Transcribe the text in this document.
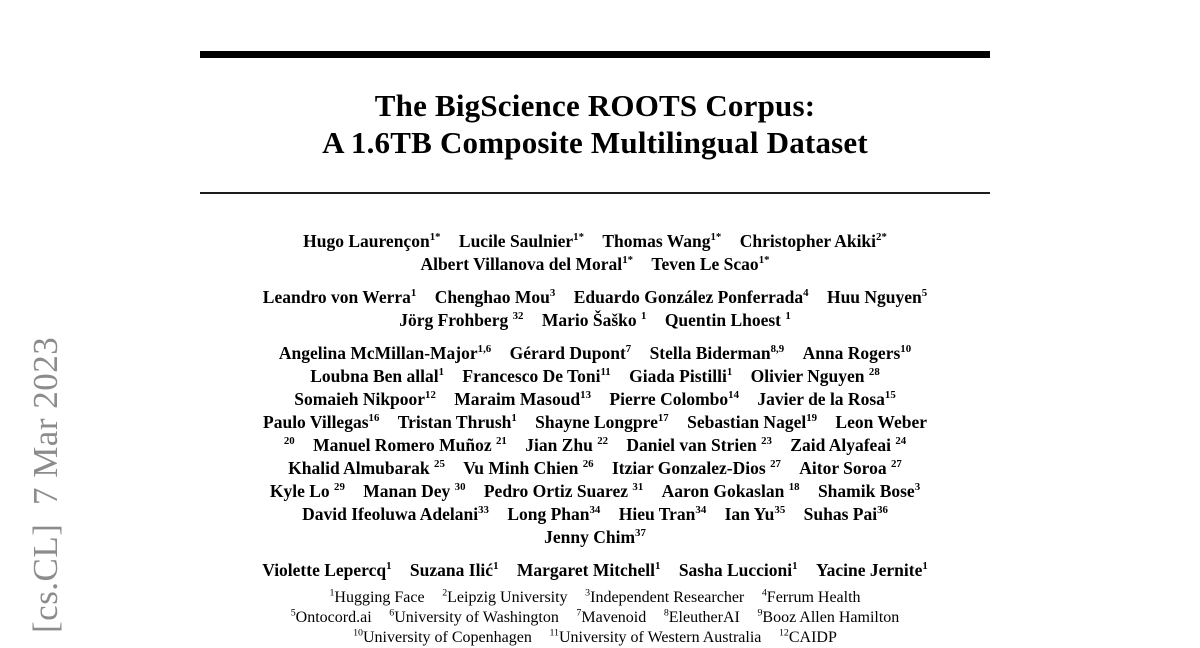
[cs.CL]  7 Mar 2023
The BigScience ROOTS Corpus:
A 1.6TB Composite Multilingual Dataset
Hugo Laurençon$^{1*}$ Lucile Saulnier$^{1*}$ Thomas Wang$^{1*}$ Christopher Akiki$^{2*}$
Albert Villanova del Moral$^{1*}$ Teven Le Scao$^{1*}$
Leandro von Werra$^1$ Chenghao Mou$^3$ Eduardo González Ponferrada$^4$ Huu Nguyen$^5$
Jörg Frohberg $^{32}$ Mario Šaško $^1$ Quentin Lhoest $^1$
Angelina McMillan-Major$^{1,6}$ Gérard Dupont$^7$ Stella Biderman$^{8,9}$ Anna Rogers$^{10}$
Loubna Ben allal$^1$ Francesco De Toni$^{11}$ Giada Pistilli$^1$ Olivier Nguyen $^{28}$
Somaieh Nikpoor$^{12}$ Maraim Masoud$^{13}$ Pierre Colombo$^{14}$ Javier de la Rosa$^{15}$
Paulo Villegas$^{16}$ Tristan Thrush$^1$ Shayne Longpre$^{17}$ Sebastian Nagel$^{19}$ Leon Weber
$^{20}$ Manuel Romero Muñoz $^{21}$ Jian Zhu $^{22}$ Daniel van Strien $^{23}$ Zaid Alyafeai $^{24}$
Khalid Almubarak $^{25}$ Vu Minh Chien $^{26}$ Itziar Gonzalez-Dios $^{27}$ Aitor Soroa $^{27}$
Kyle Lo $^{29}$ Manan Dey $^{30}$ Pedro Ortiz Suarez $^{31}$ Aaron Gokaslan $^{18}$ Shamik Bose$^3$
David Ifeoluwa Adelani$^{33}$ Long Phan$^{34}$ Hieu Tran$^{34}$ Ian Yu$^{35}$ Suhas Pai$^{36}$
Jenny Chim$^{37}$
Violette Lepercq$^1$ Suzana Ilić$^1$ Margaret Mitchell$^1$ Sasha Luccioni$^1$ Yacine Jernite$^1$
$^1$Hugging Face $^2$Leipzig University $^3$Independent Researcher $^4$Ferrum Health
$^5$Ontocord.ai $^6$University of Washington $^7$Mavenoid $^8$EleutherAI $^9$Booz Allen Hamilton
$^{10}$University of Copenhagen $^{11}$University of Western Australia $^{12}$CAIDP
